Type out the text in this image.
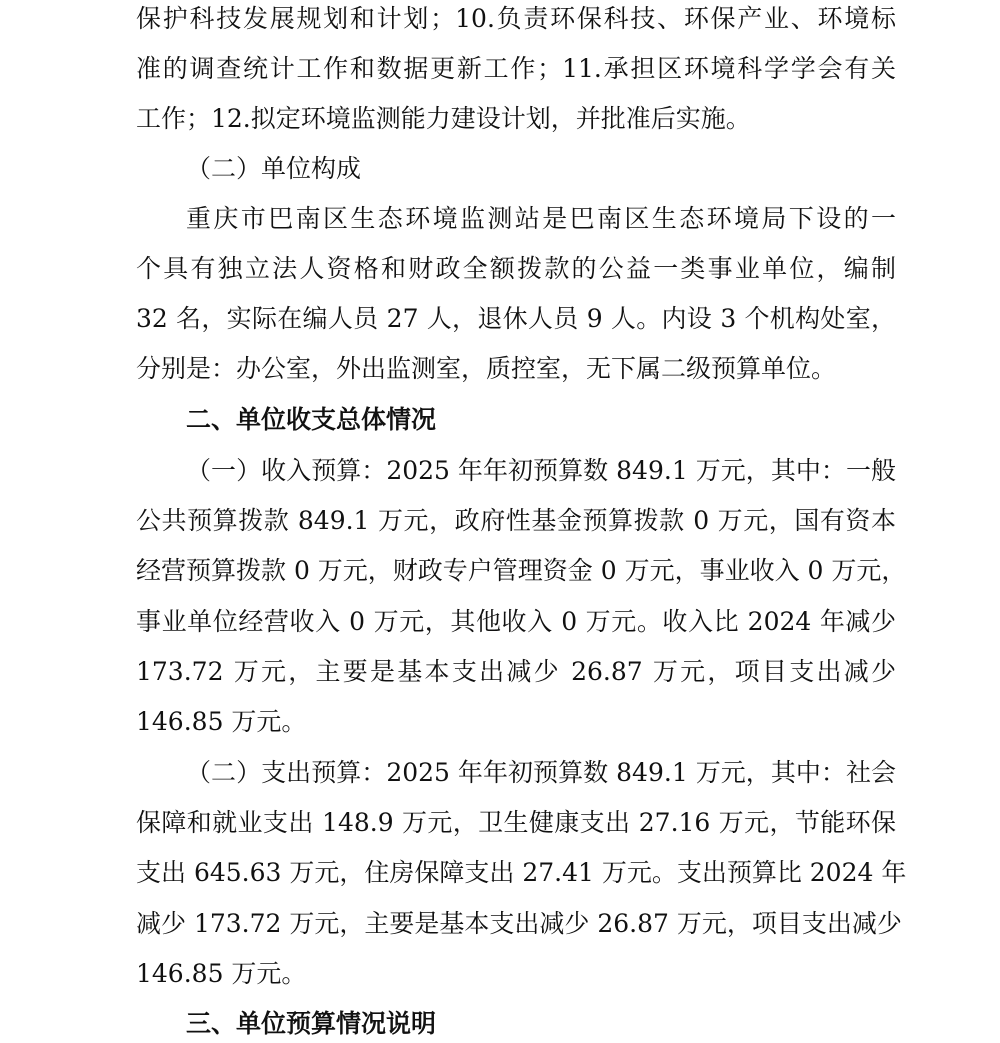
保护科技发展规划和计划；10.负责环保科技、环保产业、环境标
准的调查统计工作和数据更新工作；11.承担区环境科学学会有关
工作；12.拟定环境监测能力建设计划，并批准后实施。
（二）单位构成
重庆市巴南区生态环境监测站是巴南区生态环境局下设的一
个具有独立法人资格和财政全额拨款的公益一类事业单位，编制
32 名，实际在编人员 27 人，退休人员 9 人。内设 3 个机构处室，
分别是：办公室，外出监测室，质控室，无下属二级预算单位。
二、单位收支总体情况
（一）收入预算：2025 年年初预算数 849.1 万元，其中：一般
公共预算拨款 849.1 万元，政府性基金预算拨款 0 万元，国有资本
经营预算拨款 0 万元，财政专户管理资金 0 万元，事业收入 0 万元，
事业单位经营收入 0 万元，其他收入 0 万元。收入比 2024 年减少
173.72 万元，主要是基本支出减少 26.87 万元，项目支出减少
146.85 万元。
（二）支出预算：2025 年年初预算数 849.1 万元，其中：社会
保障和就业支出 148.9 万元，卫生健康支出 27.16 万元，节能环保
支出 645.63 万元，住房保障支出 27.41 万元。支出预算比 2024 年
减少 173.72 万元，主要是基本支出减少 26.87 万元，项目支出减少
146.85 万元。
三、单位预算情况说明
